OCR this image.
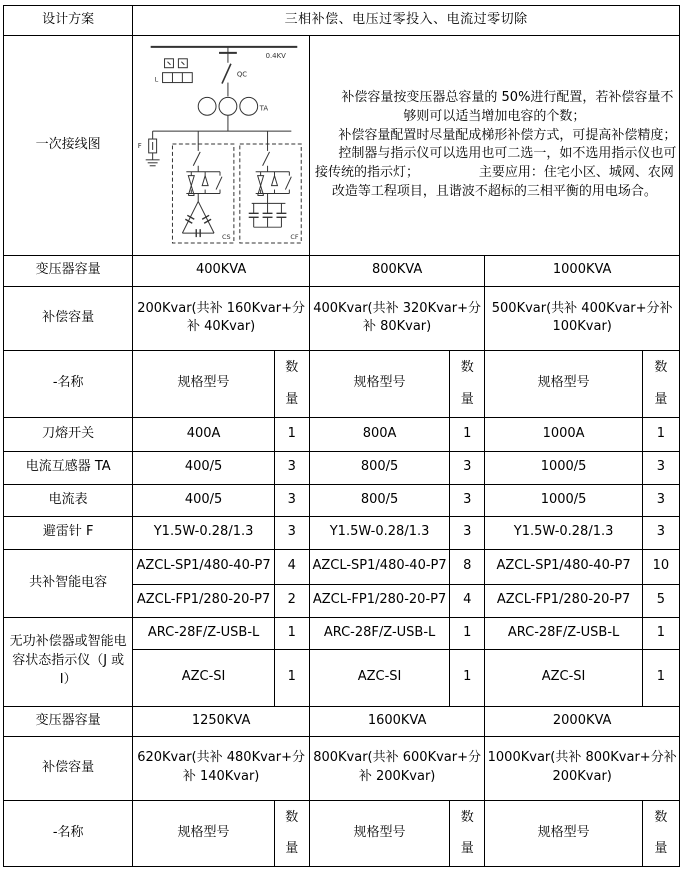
设计方案	三相补偿、电压过零投入、电流过零切除					
一次接线图	
0.4KV
QC
L
TA
F
CS	CF

补偿容量按变压器总容量的 50%进行配置，若补偿容量不够则可以适当增加电容的个数；

补偿容量配置时尽量配成梯形补偿方式，可提高补偿精度；

控制器与指示仪可以选用也可二选一，如不选用指示仪也可接传统的指示灯；	主要应用：住宅小区、城网、农网改造等工程项目，且谐波不超标的三相平衡的用电场合。

变压器容量	400KVA		800KVA		1000KVA	
补偿容量	200Kvar(共补 160Kvar+分补 40Kvar)		400Kvar(共补 320Kvar+分补 80Kvar)		500Kvar(共补 400Kvar+分补 100Kvar)	
-名称	规格型号	数量	规格型号	数量	规格型号	数量
刀熔开关	400A	1	800A	1	1000A	1
电流互感器 TA	400/5	3	800/5	3	1000/5	3
电流表	400/5	3	800/5	3	1000/5	3
避雷针 F	Y1.5W-0.28/1.3	3	Y1.5W-0.28/1.3	3	Y1.5W-0.28/1.3	3
共补智能电容	AZCL-SP1/480-40-P7	4	AZCL-SP1/480-40-P7	8	AZCL-SP1/480-40-P7	10
	AZCL-FP1/280-20-P7	2	AZCL-FP1/280-20-P7	4	AZCL-FP1/280-20-P7	5
无功补偿器或智能电容状态指示仪（J 或 I）	ARC-28F/Z-USB-L	1	ARC-28F/Z-USB-L	1	ARC-28F/Z-USB-L	1
	AZC-SI	1	AZC-SI	1	AZC-SI	1
变压器容量	1250KVA		1600KVA		2000KVA	
补偿容量	620Kvar(共补 480Kvar+分补 140Kvar)		800Kvar(共补 600Kvar+分补 200Kvar)		1000Kvar(共补 800Kvar+分补 200Kvar)	
-名称	规格型号	数量	规格型号	数量	规格型号	数量
